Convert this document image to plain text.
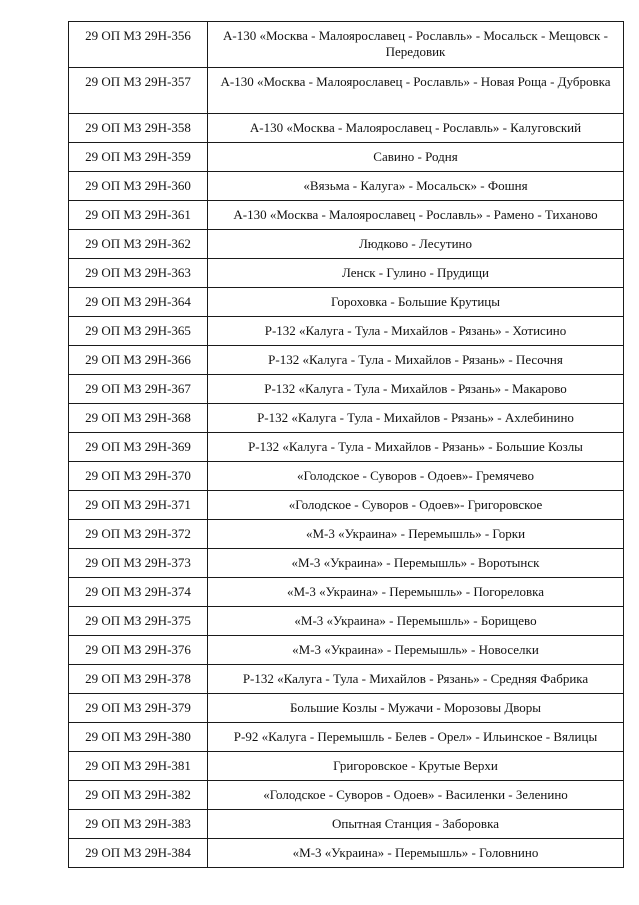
29 ОП МЗ 29Н-356	А-130 «Москва - Малоярославец - Рославль» - Мосальск - Мещовск - Передовик
29 ОП МЗ 29Н-357	А-130 «Москва - Малоярославец - Рославль» - Новая Роща - Дубровка
29 ОП МЗ 29Н-358	А-130 «Москва - Малоярославец - Рославль» - Калуговский
29 ОП МЗ 29Н-359	Савино - Родня
29 ОП МЗ 29Н-360	«Вязьма - Калуга» - Мосальск» - Фошня
29 ОП МЗ 29Н-361	А-130 «Москва - Малоярославец - Рославль» - Рамено - Тиханово
29 ОП МЗ 29Н-362	Людково - Лесутино
29 ОП МЗ 29Н-363	Ленск - Гулино - Прудищи
29 ОП МЗ 29Н-364	Гороховка - Большие Крутицы
29 ОП МЗ 29Н-365	Р-132 «Калуга - Тула - Михайлов - Рязань» - Хотисино
29 ОП МЗ 29Н-366	Р-132 «Калуга - Тула - Михайлов - Рязань» - Песочня
29 ОП МЗ 29Н-367	Р-132 «Калуга - Тула - Михайлов - Рязань» - Макарово
29 ОП МЗ 29Н-368	Р-132 «Калуга - Тула - Михайлов - Рязань» - Ахлебинино
29 ОП МЗ 29Н-369	Р-132 «Калуга - Тула - Михайлов - Рязань» - Большие Козлы
29 ОП МЗ 29Н-370	«Голодское - Суворов - Одоев»- Гремячево
29 ОП МЗ 29Н-371	«Голодское - Суворов - Одоев»- Григоровское
29 ОП МЗ 29Н-372	«М-3 «Украина» - Перемышль» - Горки
29 ОП МЗ 29Н-373	«М-3 «Украина» - Перемышль» - Воротынск
29 ОП МЗ 29Н-374	«М-3 «Украина» - Перемышль» - Погореловка
29 ОП МЗ 29Н-375	«М-3 «Украина» - Перемышль» - Борищево
29 ОП МЗ 29Н-376	«М-3 «Украина» - Перемышль» - Новоселки
29 ОП МЗ 29Н-378	Р-132 «Калуга - Тула - Михайлов - Рязань» - Средняя Фабрика
29 ОП МЗ 29Н-379	Большие Козлы - Мужачи - Морозовы Дворы
29 ОП МЗ 29Н-380	Р-92 «Калуга - Перемышль - Белев - Орел» - Ильинское - Вялицы
29 ОП МЗ 29Н-381	Григоровское - Крутые Верхи
29 ОП МЗ 29Н-382	«Голодское - Суворов - Одоев» - Василенки - Зеленино
29 ОП МЗ 29Н-383	Опытная Станция - Заборовка
29 ОП МЗ 29Н-384	«М-3 «Украина» - Перемышль» - Головнино
